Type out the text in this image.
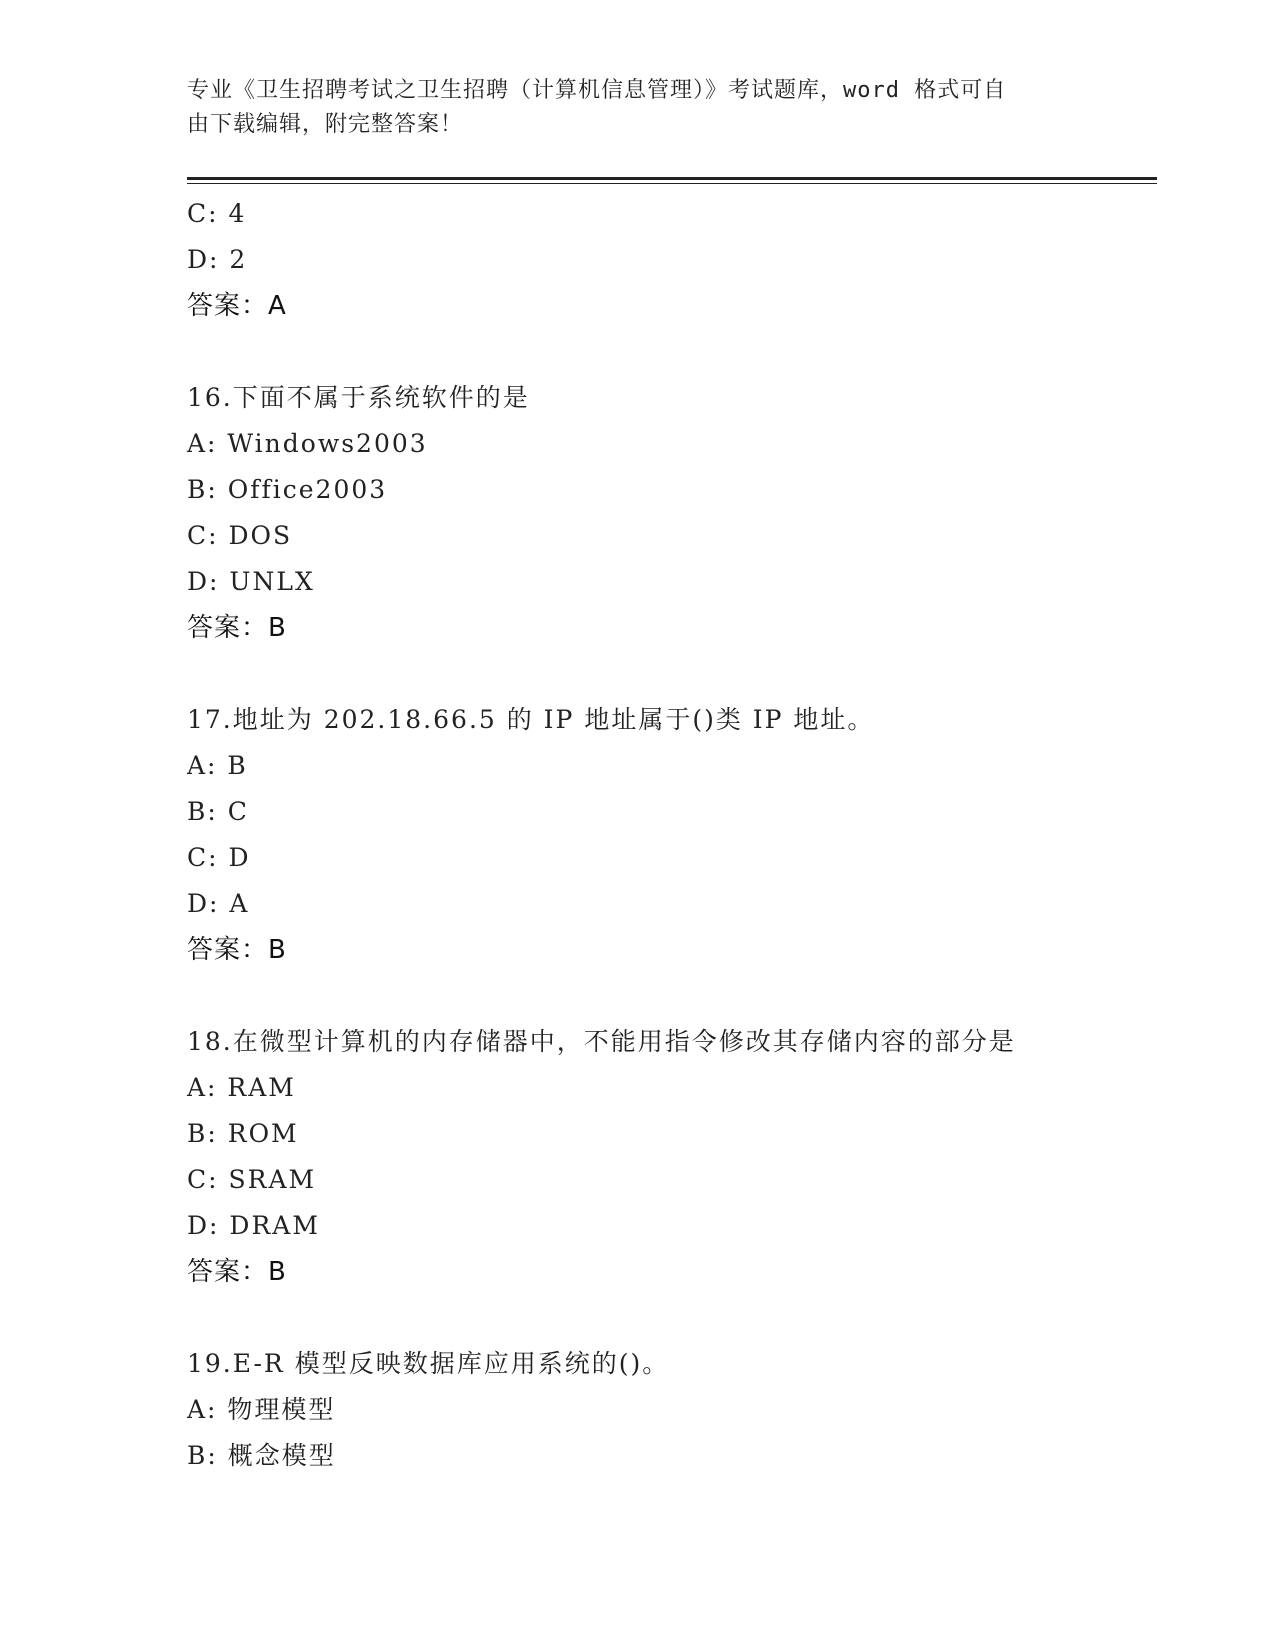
专业《卫生招聘考试之卫生招聘（计算机信息管理）》考试题库，word 格式可自
由下载编辑，附完整答案！
C: 4
D: 2
答案：A
16.下面不属于系统软件的是
A: Windows2003
B: Office2003
C: DOS
D: UNLX
答案：B
17.地址为 202.18.66.5 的 IP 地址属于()类 IP 地址。
A: B
B: C
C: D
D: A
答案：B
18.在微型计算机的内存储器中，不能用指令修改其存储内容的部分是
A: RAM
B: ROM
C: SRAM
D: DRAM
答案：B
19.E-R 模型反映数据库应用系统的()。
A: 物理模型
B: 概念模型
